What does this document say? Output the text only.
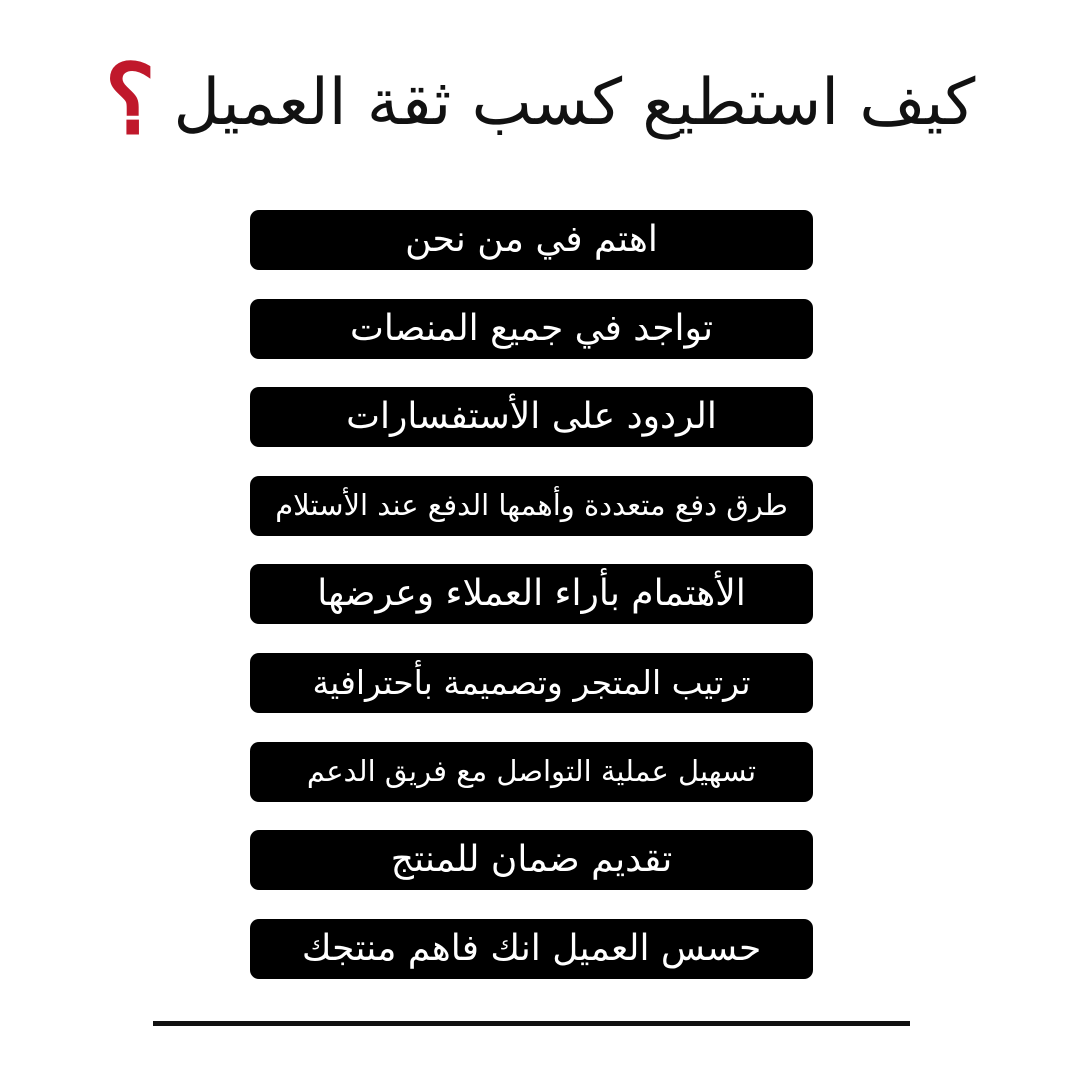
كيف استطيع كسب ثقة العميل
؟
اهتم في من نحن
تواجد في جميع المنصات
الردود على الأستفسارات
طرق دفع متعددة وأهمها الدفع عند الأستلام
الأهتمام بأراء العملاء وعرضها
ترتيب المتجر وتصميمة بأحترافية
تسهيل عملية التواصل مع فريق الدعم
تقديم ضمان للمنتج
حسس العميل انك فاهم منتجك
